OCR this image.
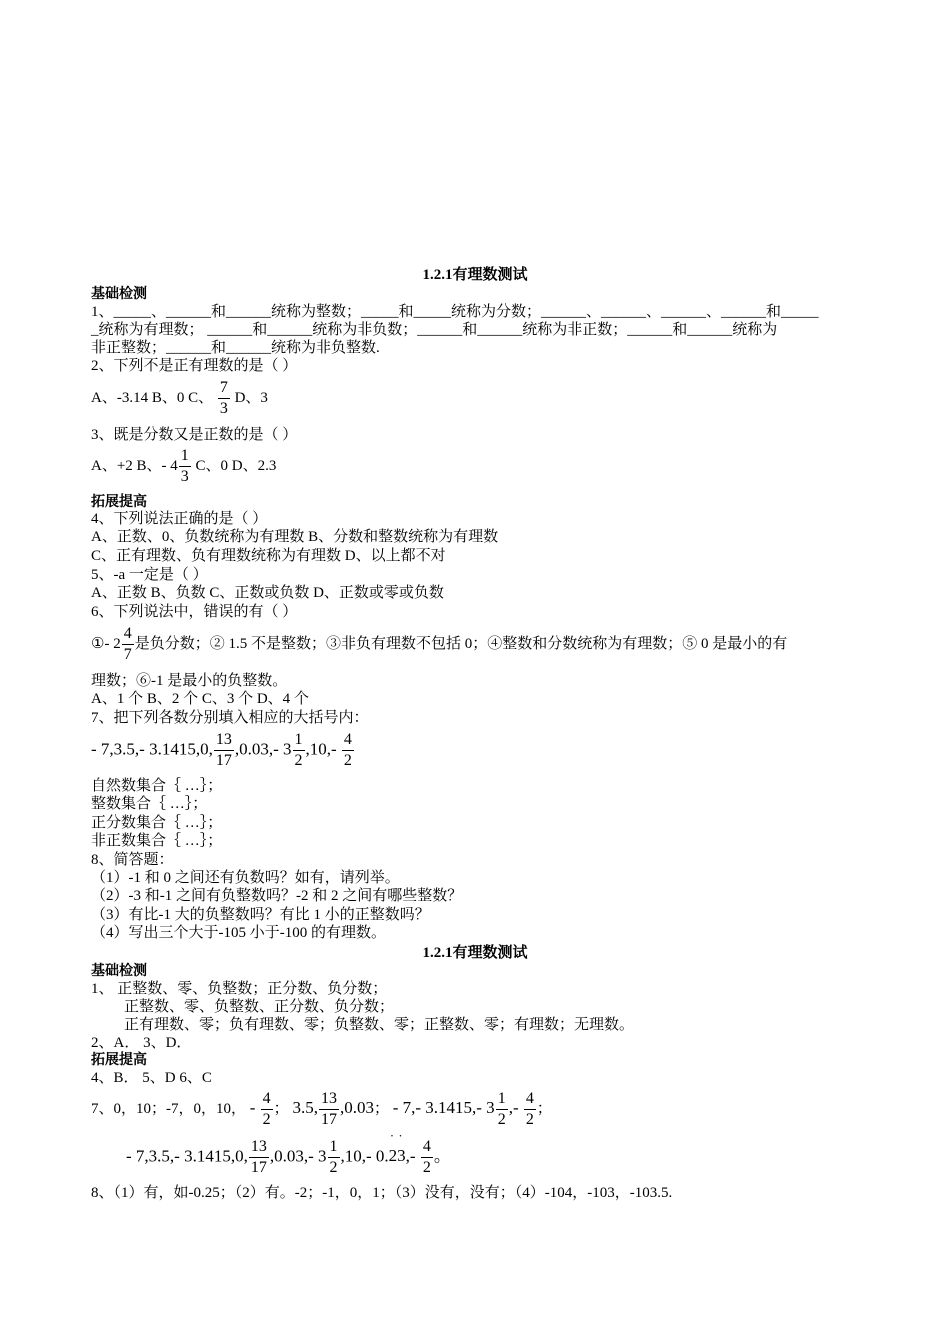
1.2.1有理数测试
基础检测
1、_____、______和______统称为整数；_____和_____统称为分数；______、______、______、______和_____
_统称为有理数； ______和______统称为非负数；______和______统称为非正数；______和______统称为
非正整数；______和______统称为非负整数.
2、下列不是正有理数的是（ ）
A、-3.14 B、0 C、 $\frac{7}{3}$ D、3
3、既是分数又是正数的是（ ）
A、+2 B、- $4 \frac{1}{3}$ C、0 D、2.3
拓展提高
4、下列说法正确的是（ ）
A、正数、0、负数统称为有理数 B、分数和整数统称为有理数
C、正有理数、负有理数统称为有理数 D、以上都不对
5、-a 一定是（ ）
A、正数 B、负数 C、正数或负数 D、正数或零或负数
6、下列说法中，错误的有（ ）
①- $2 \frac{4}{7}$ 是负分数；② 1.5 不是整数；③非负有理数不包括 0；④整数和分数统称为有理数；⑤ 0 是最小的有
理数；⑥-1 是最小的负整数。
A、1 个 B、2 个 C、3 个 D、4 个
7、把下列各数分别填入相应的大括号内：
- 7,3.5,- 3.1415,0, $\frac{13}{17} ,0.03,-$ $3 \frac{1}{2} ,10,- \frac{4}{2}$
自然数集合｛ …｝；
整数集合｛ …｝；
正分数集合｛ …｝；
非正数集合｛ …｝；
8、简答题：
（1）-1 和 0 之间还有负数吗？如有，请列举。
（2）-3 和-1 之间有负整数吗？-2 和 2 之间有哪些整数？
（3）有比-1 大的负整数吗？有比 1 小的正整数吗？
（4）写出三个大于-105 小于-100 的有理数。
1.2.1有理数测试
基础检测
1、 正整数、零、负整数；正分数、负分数；
正整数、零、负整数、正分数、负分数；
正有理数、零；负有理数、零；负整数、零；正整数、零；有理数；无理数。
2、A． 3、D．
拓展提高
4、B． 5、D 6、C
7、0，10；-7，0，10， - $\frac{4}{2}$ ； 3.5, $\frac{13}{17} ,0.03$； - 7,- 3.1415,- $3 \frac{1}{2}$ ,- $\frac{4}{2}$ ；
- 7,3.5,- 3.1415,0, $\frac{13}{17} ,0.03,-$ $3 \frac{1}{2} ,10,-$ 0.˙ 2˙ $3,- \frac{4}{2}$ 。
8、（1）有，如-0.25；（2）有。-2；-1，0，1；（3）没有，没有；（4）-104，-103，-103.5.
